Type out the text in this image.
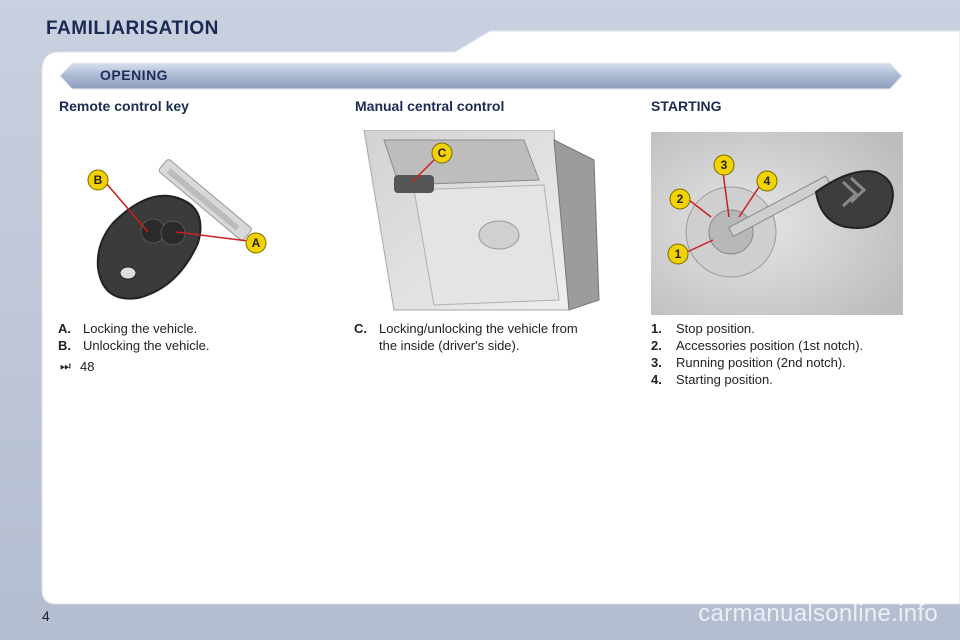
FAMILIARISATION
OPENING
Remote control key
B
A
A. Locking the vehicle.
B. Unlocking the vehicle.
⏭ 48
Manual central control
C
C. Locking/unlocking the vehicle from the inside (driver's side).
STARTING
3
2
4
1
1.	Stop position.
2.	Accessories position (1st notch).
3.	Running position (2nd notch).
4.	Starting position.
4	carmanualsonline.info
